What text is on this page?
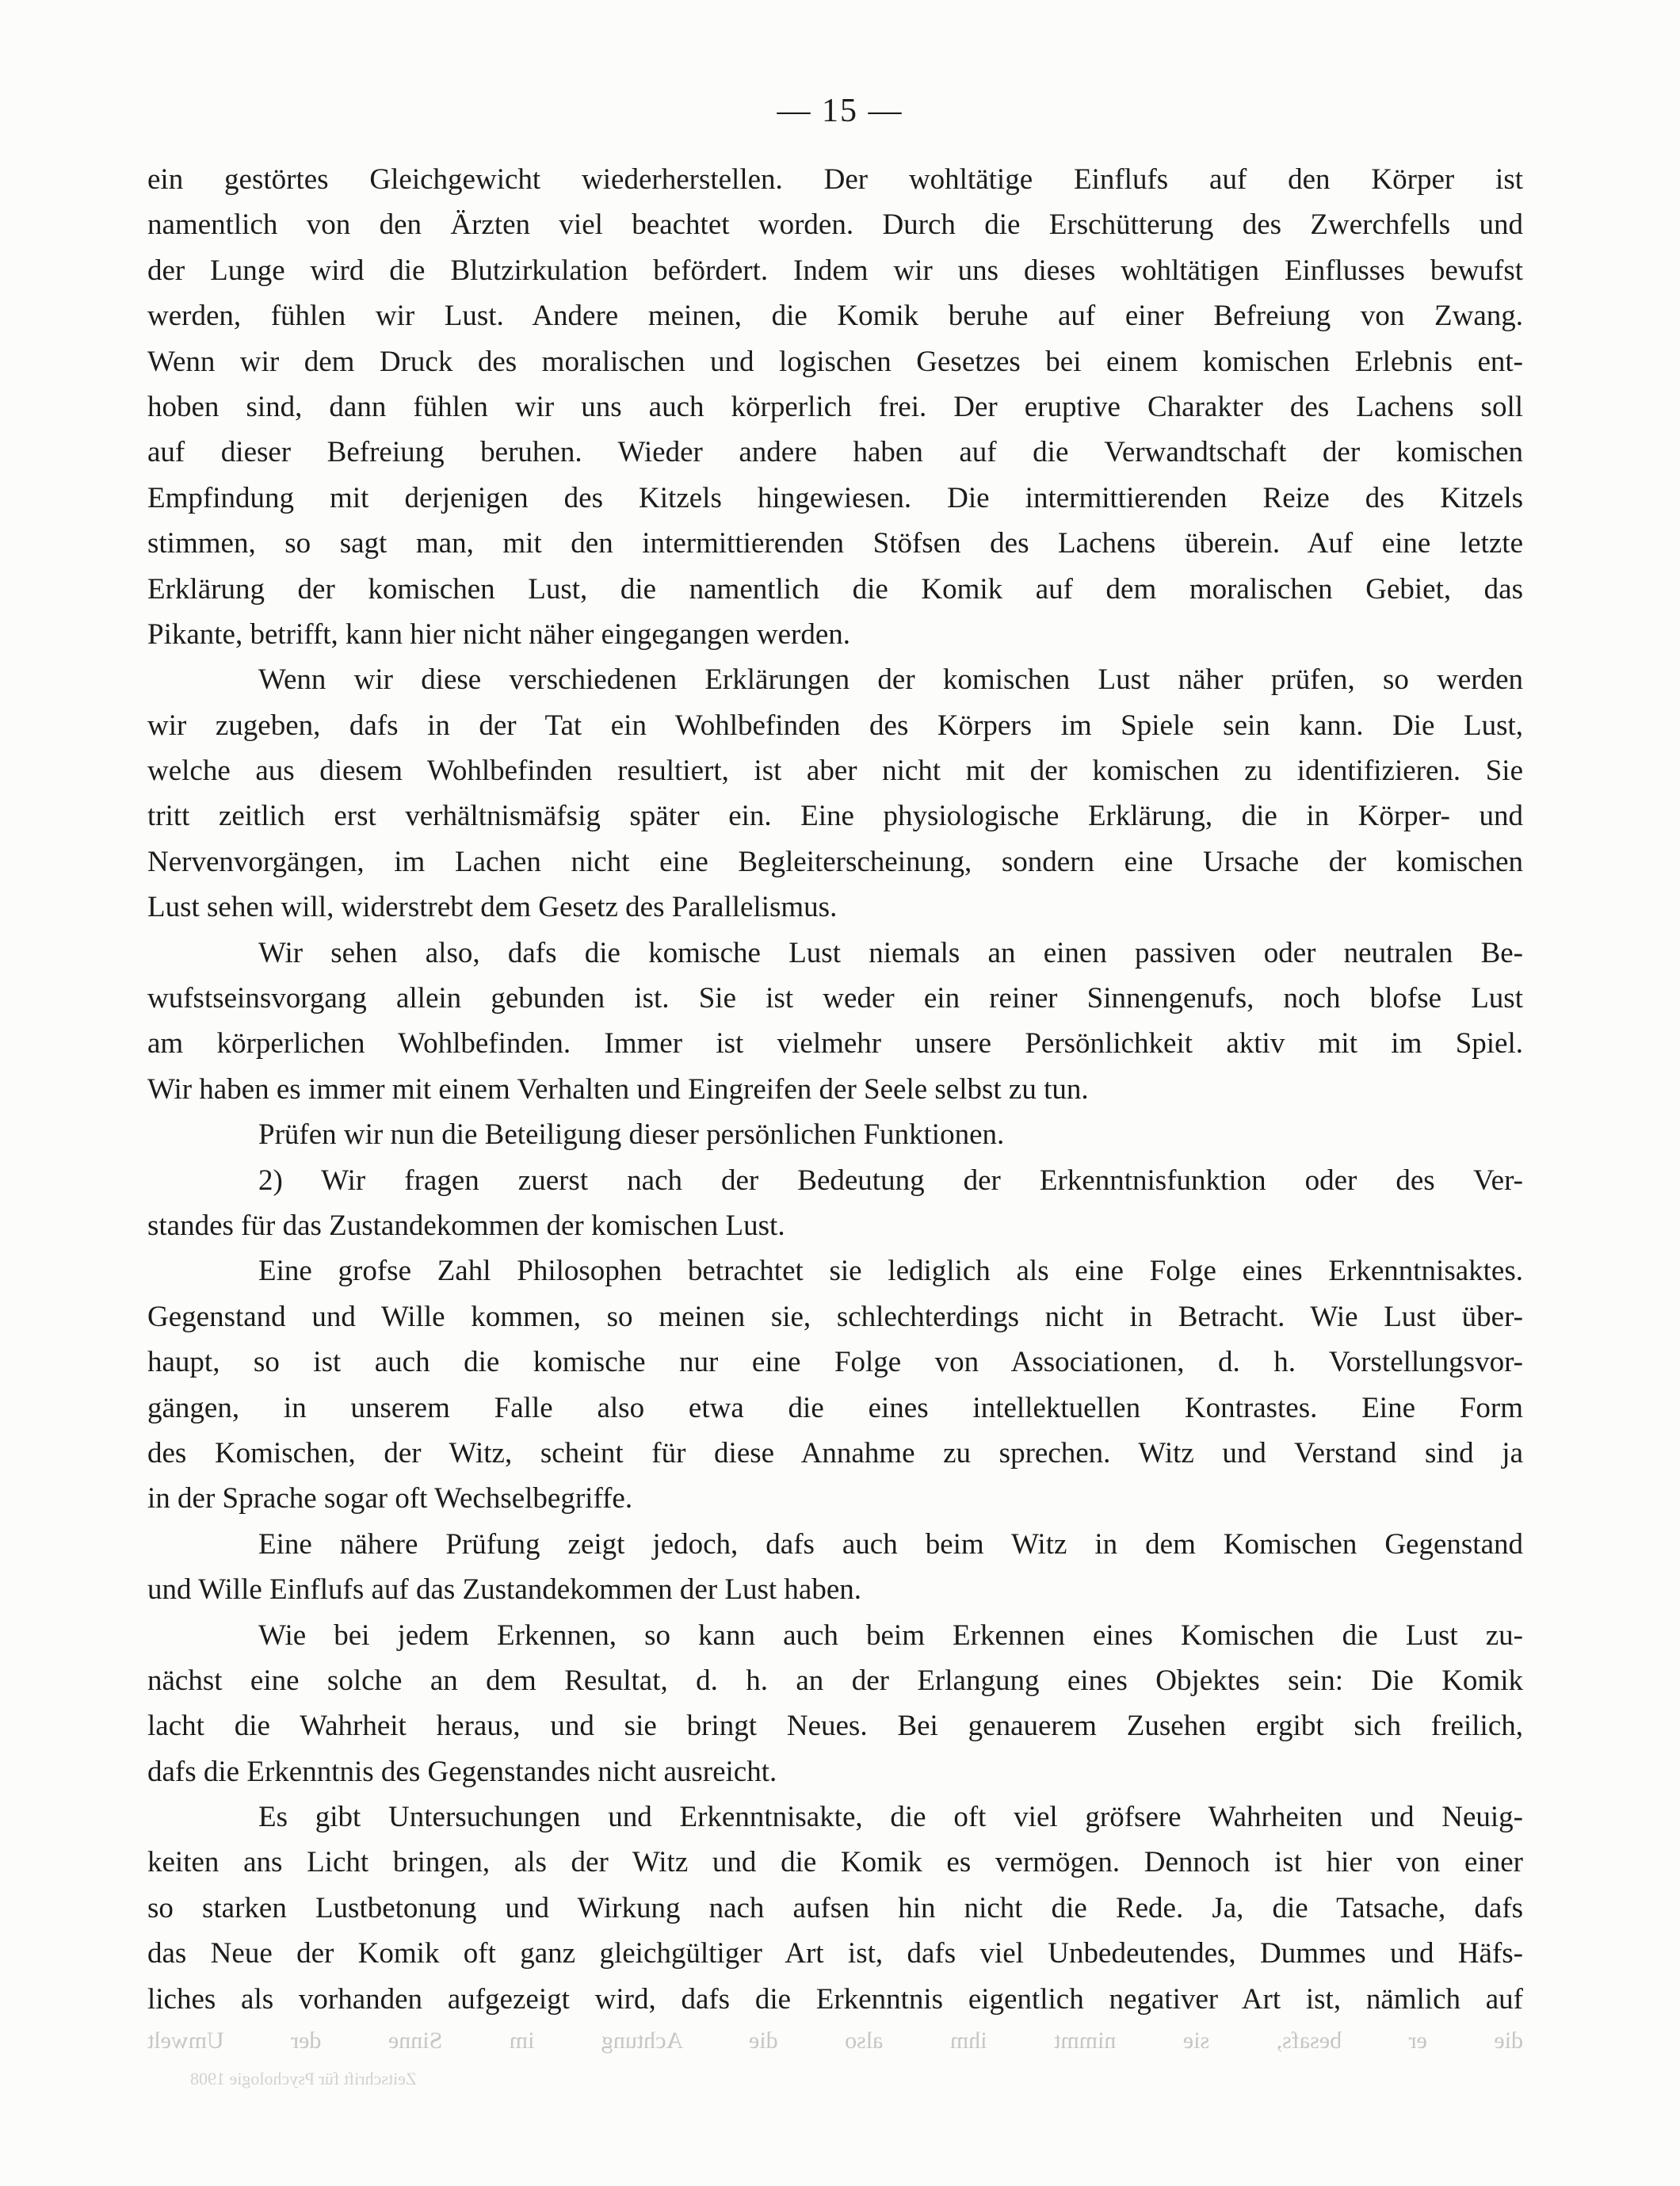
— 15 —
ein gestörtes Gleichgewicht wiederherstellen. Der wohltätige Einflufs auf den Körper ist
namentlich von den Ärzten viel beachtet worden. Durch die Erschütterung des Zwerchfells und
der Lunge wird die Blutzirkulation befördert. Indem wir uns dieses wohltätigen Einflusses bewufst
werden, fühlen wir Lust. Andere meinen, die Komik beruhe auf einer Befreiung von Zwang.
Wenn wir dem Druck des moralischen und logischen Gesetzes bei einem komischen Erlebnis ent-
hoben sind, dann fühlen wir uns auch körperlich frei. Der eruptive Charakter des Lachens soll
auf dieser Befreiung beruhen. Wieder andere haben auf die Verwandtschaft der komischen
Empfindung mit derjenigen des Kitzels hingewiesen. Die intermittierenden Reize des Kitzels
stimmen, so sagt man, mit den intermittierenden Stöfsen des Lachens überein. Auf eine letzte
Erklärung der komischen Lust, die namentlich die Komik auf dem moralischen Gebiet, das
Pikante, betrifft, kann hier nicht näher eingegangen werden.
Wenn wir diese verschiedenen Erklärungen der komischen Lust näher prüfen, so werden
wir zugeben, dafs in der Tat ein Wohlbefinden des Körpers im Spiele sein kann. Die Lust,
welche aus diesem Wohlbefinden resultiert, ist aber nicht mit der komischen zu identifizieren. Sie
tritt zeitlich erst verhältnismäfsig später ein. Eine physiologische Erklärung, die in Körper- und
Nervenvorgängen, im Lachen nicht eine Begleiterscheinung, sondern eine Ursache der komischen
Lust sehen will, widerstrebt dem Gesetz des Parallelismus.
Wir sehen also, dafs die komische Lust niemals an einen passiven oder neutralen Be-
wufstseinsvorgang allein gebunden ist. Sie ist weder ein reiner Sinnengenufs, noch blofse Lust
am körperlichen Wohlbefinden. Immer ist vielmehr unsere Persönlichkeit aktiv mit im Spiel.
Wir haben es immer mit einem Verhalten und Eingreifen der Seele selbst zu tun.
Prüfen wir nun die Beteiligung dieser persönlichen Funktionen.
2) Wir fragen zuerst nach der Bedeutung der Erkenntnisfunktion oder des Ver-
standes für das Zustandekommen der komischen Lust.
Eine grofse Zahl Philosophen betrachtet sie lediglich als eine Folge eines Erkenntnisaktes.
Gegenstand und Wille kommen, so meinen sie, schlechterdings nicht in Betracht. Wie Lust über-
haupt, so ist auch die komische nur eine Folge von Associationen, d. h. Vorstellungsvor-
gängen, in unserem Falle also etwa die eines intellektuellen Kontrastes. Eine Form
des Komischen, der Witz, scheint für diese Annahme zu sprechen. Witz und Verstand sind ja
in der Sprache sogar oft Wechselbegriffe.
Eine nähere Prüfung zeigt jedoch, dafs auch beim Witz in dem Komischen Gegenstand
und Wille Einflufs auf das Zustandekommen der Lust haben.
Wie bei jedem Erkennen, so kann auch beim Erkennen eines Komischen die Lust zu-
nächst eine solche an dem Resultat, d. h. an der Erlangung eines Objektes sein: Die Komik
lacht die Wahrheit heraus, und sie bringt Neues. Bei genauerem Zusehen ergibt sich freilich,
dafs die Erkenntnis des Gegenstandes nicht ausreicht.
Es gibt Untersuchungen und Erkenntnisakte, die oft viel gröfsere Wahrheiten und Neuig-
keiten ans Licht bringen, als der Witz und die Komik es vermögen. Dennoch ist hier von einer
so starken Lustbetonung und Wirkung nach aufsen hin nicht die Rede. Ja, die Tatsache, dafs
das Neue der Komik oft ganz gleichgültiger Art ist, dafs viel Unbedeutendes, Dummes und Häfs-
liches als vorhanden aufgezeigt wird, dafs die Erkenntnis eigentlich negativer Art ist, nämlich auf
die er besafs, sie nimmt ihm also die Achtung im Sinne der Umwelt
Zeitschrift für Psychologie 1908
